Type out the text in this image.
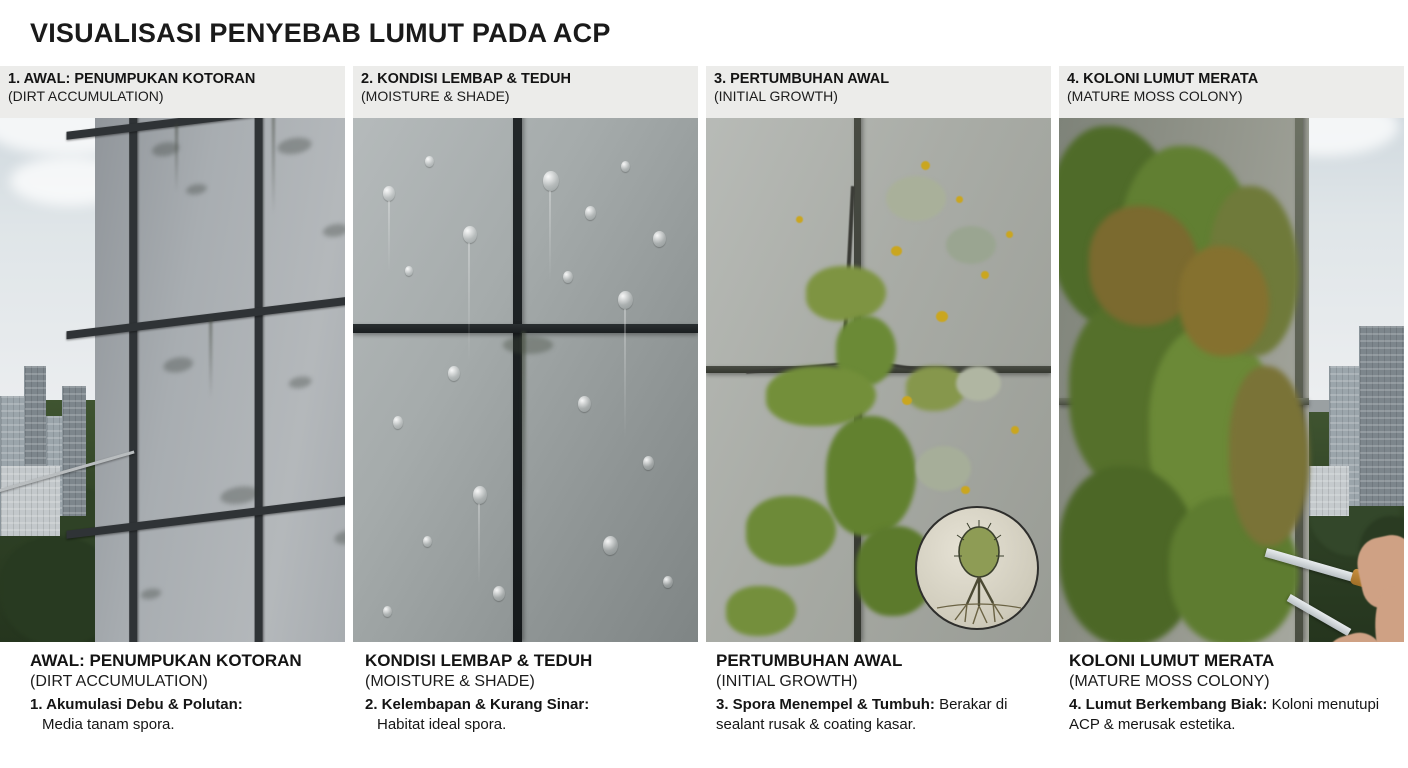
VISUALISASI PENYEBAB LUMUT PADA ACP
1. AWAL: PENUMPUKAN KOTORAN
(DIRT ACCUMULATION)
2. KONDISI LEMBAP & TEDUH
(MOISTURE & SHADE)
3. PERTUMBUHAN AWAL
(INITIAL GROWTH)
4. KOLONI LUMUT MERATA
(MATURE MOSS COLONY)
AWAL: PENUMPUKAN KOTORAN
(DIRT ACCUMULATION)
1. Akumulasi Debu & Polutan:
Media tanam spora.
KONDISI LEMBAP & TEDUH
(MOISTURE & SHADE)
2. Kelembapan & Kurang Sinar:
Habitat ideal spora.
PERTUMBUHAN AWAL
(INITIAL GROWTH)
3. Spora Menempel & Tumbuh: Berakar di sealant rusak & coating kasar.
KOLONI LUMUT MERATA
(MATURE MOSS COLONY)
4. Lumut Berkembang Biak: Koloni menutupi ACP & merusak estetika.
